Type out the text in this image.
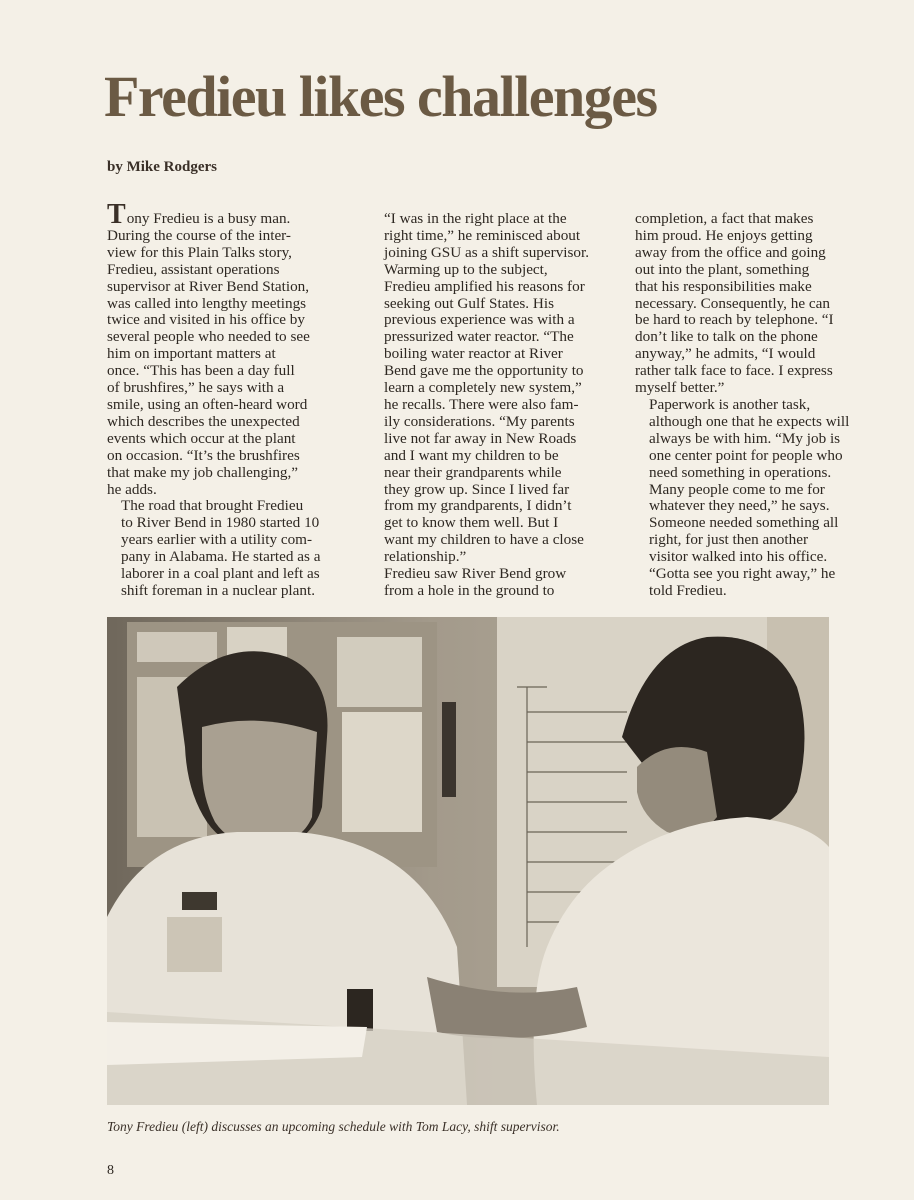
Fredieu likes challenges

by Mike Rodgers

Tony Fredieu is a busy man.
During the course of the inter-
view for this Plain Talks story,
Fredieu, assistant operations
supervisor at River Bend Station,
was called into lengthy meetings
twice and visited in his office by
several people who needed to see
him on important matters at
once. “This has been a day full
of brushfires,” he says with a
smile, using an often-heard word
which describes the unexpected
events which occur at the plant
on occasion. “It’s the brushfires
that make my job challenging,”
he adds.

The road that brought Fredieu
to River Bend in 1980 started 10
years earlier with a utility com-
pany in Alabama. He started as a
laborer in a coal plant and left as
shift foreman in a nuclear plant.

“I was in the right place at the
right time,” he reminisced about
joining GSU as a shift supervisor.
Warming up to the subject,
Fredieu amplified his reasons for
seeking out Gulf States. His
previous experience was with a
pressurized water reactor. “The
boiling water reactor at River
Bend gave me the opportunity to
learn a completely new system,”
he recalls. There were also fam-
ily considerations. “My parents
live not far away in New Roads
and I want my children to be
near their grandparents while
they grow up. Since I lived far
from my grandparents, I didn’t
get to know them well. But I
want my children to have a close
relationship.”

Fredieu saw River Bend grow
from a hole in the ground to

completion, a fact that makes
him proud. He enjoys getting
away from the office and going
out into the plant, something
that his responsibilities make
necessary. Consequently, he can
be hard to reach by telephone. “I
don’t like to talk on the phone
anyway,” he admits, “I would
rather talk face to face. I express
myself better.”

Paperwork is another task,
although one that he expects will
always be with him. “My job is
one center point for people who
need something in operations.
Many people come to me for
whatever they need,” he says.
Someone needed something all
right, for just then another
visitor walked into his office.
“Gotta see you right away,” he
told Fredieu.

Tony Fredieu (left) discusses an upcoming schedule with Tom Lacy, shift supervisor.

8
